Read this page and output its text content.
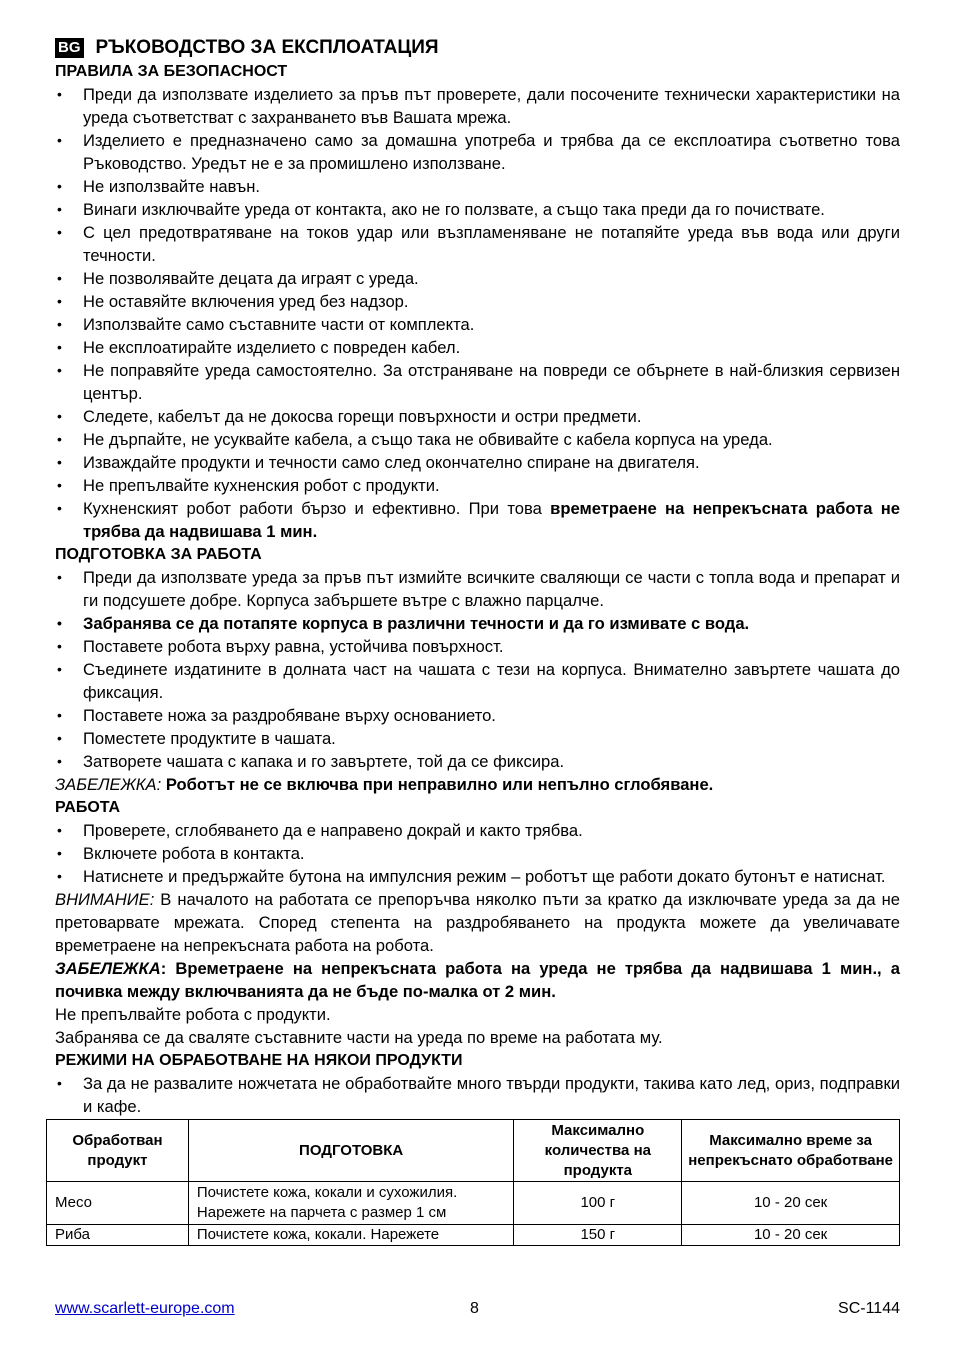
BG РЪКОВОДСТВО ЗА ЕКСПЛОАТАЦИЯ
ПРАВИЛА ЗА БЕЗОПАСНОСТ
• Преди да използвате изделието за пръв път проверете, дали посочените технически характеристики на уреда съответстват с захранването във Вашата мрежа.
• Изделието е предназначено само за домашна употреба и трябва да се експлоатира съответно това Ръководство. Уредът не е за промишлено използване.
• Не използвайте навън.
• Винаги изключвайте уреда от контакта, ако не го ползвате, а също така преди да го почиствате.
• С цел предотвратяване на токов удар или възпламеняване не потапяйте уреда във вода или други течности.
• Не позволявайте децата да играят с уреда.
• Не оставяйте включения уред без надзор.
• Използвайте само съставните части от комплекта.
• Не експлоатирайте изделието с повреден кабел.
• Не поправяйте уреда самостоятелно. За отстраняване на повреди се обърнете в най-близкия сервизен център.
• Следете, кабелът да не докосва горещи повърхности и остри предмети.
• Не дърпайте, не усуквайте кабела, а също така не обвивайте с кабела корпуса на уреда.
• Изваждайте продукти и течности само след окончателно спиране на двигателя.
• Не препълвайте кухненския робот с продукти.
• Кухненският робот работи бързо и ефективно. При това времетраене на непрекъсната работа не трябва да надвишава 1 мин.
ПОДГОТОВКА ЗА РАБОТА
• Преди да използвате уреда за пръв път измийте всичките сваляющи се части с топла вода и препарат и ги подсушете добре. Корпуса забършете вътре с влажно парцалче.
• Забранява се да потапяте корпуса в различни течности и да го измивате с вода.
• Поставете робота върху равна, устойчива повърхност.
• Съединете издатините в долната част на чашата с тези на корпуса. Внимателно завъртете чашата до фиксация.
• Поставете ножа за раздробяване върху основанието.
• Поместете продуктите в чашата.
• Затворете чашата с капака и го завъртете, той да се фиксира.

ЗАБЕЛЕЖКА: Роботът не се включва при неправилно или непълно сглобяване.

РАБОТА
• Проверете, сглобяването да е направено докрай и както трябва.
• Включете робота в контакта.
• Натиснете и предържайте бутона на импулсния режим – роботът ще работи докато бутонът е натиснат.

ВНИМАНИЕ: В началото на работата се препоръчва няколко пъти за кратко да изключвате уреда за да не претоварвате мрежата. Според степента на раздробяването на продукта можете да увеличавате времетраене на непрекъсната работа на робота.

ЗАБЕЛЕЖКА: Времетраене на непрекъсната работа на уреда не трябва да надвишава 1 мин., а почивка между включванията да не бъде по-малка от 2 мин.

Не препълвайте робота с продукти.

Забранява се да сваляте съставните части на уреда по време на работата му.

РЕЖИМИ НА ОБРАБОТВАНЕ НА НЯКОИ ПРОДУКТИ
• За да не развалите ножчетата не обработвайте много твърди продукти, такива като лед, ориз, подправки и кафе.
Обработван продукт	ПОДГОТОВКА	Максимално количества на продукта	Максимално време за непрекъснато обработване
Месо	Почистете кожа, кокали и сухожилия. Нарежете на парчета с размер 1 см	100 г	10 - 20 сек
Риба	Почистете кожа, кокали. Нарежете	150 г	10 - 20 сек
www.scarlett-europe.com	8	SC-1144
